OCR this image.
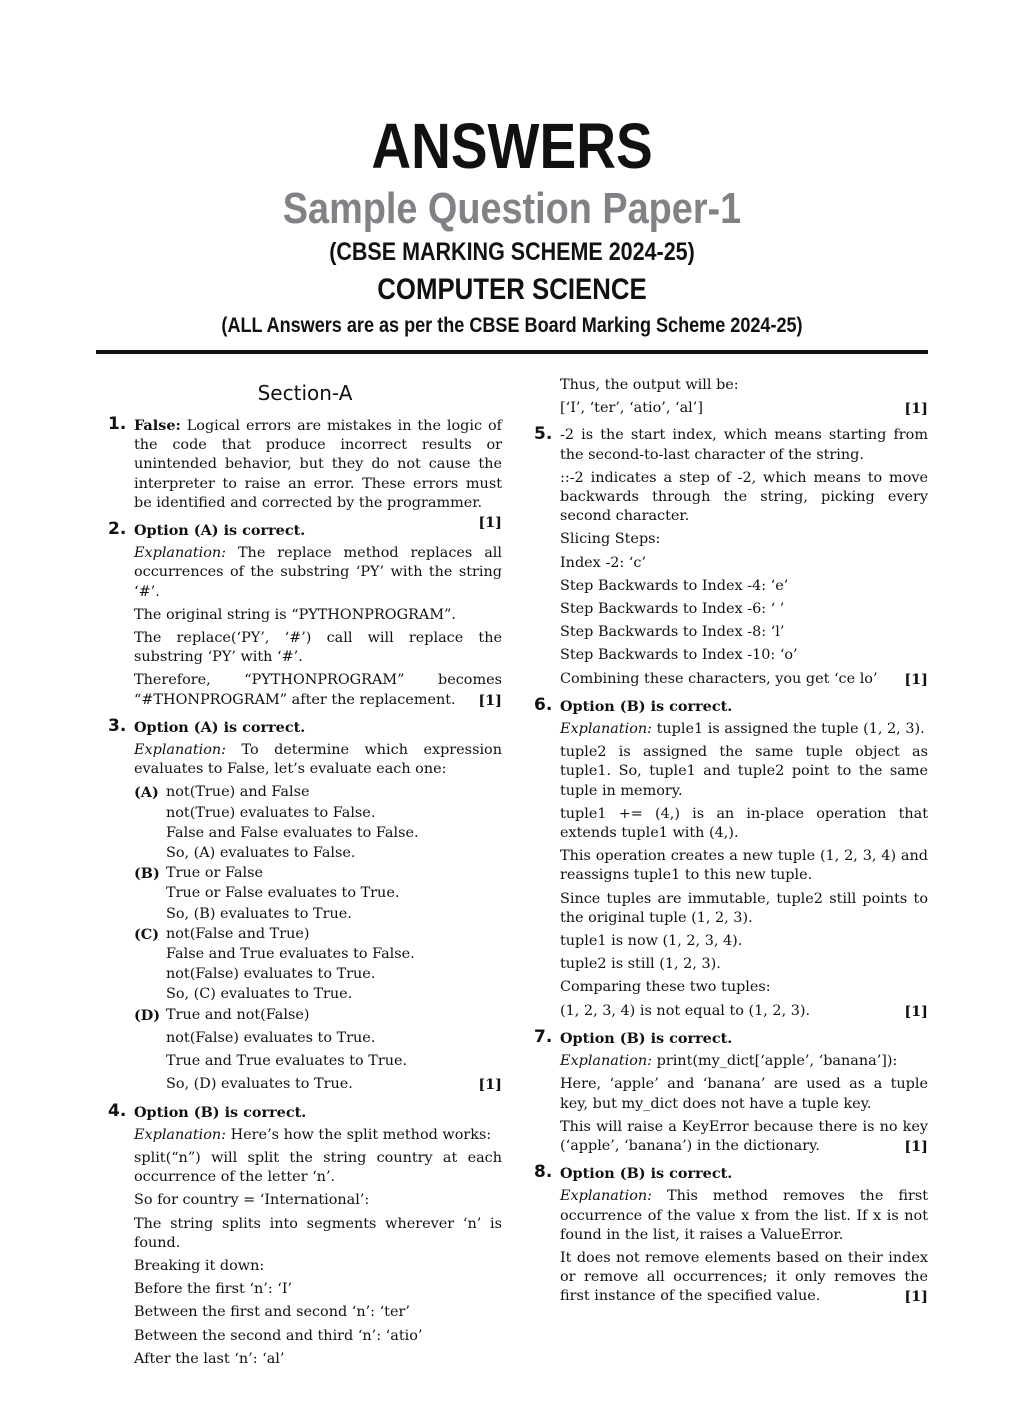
ANSWERS
Sample Question Paper-1
(CBSE MARKING SCHEME 2024-25)
COMPUTER SCIENCE
(ALL Answers are as per the CBSE Board Marking Scheme 2024-25)
Section-A
1. False: Logical errors are mistakes in the logic of the code that produce incorrect results or unintended behavior, but they do not cause the interpreter to raise an error. These errors must be identified and corrected by the programmer.
[1]

2. Option (A) is correct.

Explanation: The replace method replaces all occurrences of the substring ‘PY’ with the string ‘#’.

The original string is “PYTHONPROGRAM”.

The replace(‘PY’, ‘#’) call will replace the substring ‘PY’ with ‘#’.

Therefore, “PYTHONPROGRAM” becomes “#THONPROGRAM” after the replacement. [1]

3. Option (A) is correct.

Explanation: To determine which expression evaluates to False, let’s evaluate each one:

(A) not(True) and False

not(True) evaluates to False.

False and False evaluates to False.

So, (A) evaluates to False.

(B) True or False

True or False evaluates to True.

So, (B) evaluates to True.

(C) not(False and True)

False and True evaluates to False.

not(False) evaluates to True.

So, (C) evaluates to True.

(D) True and not(False)

not(False) evaluates to True.

True and True evaluates to True.

So, (D) evaluates to True.	[1]

4. Option (B) is correct.

Explanation: Here’s how the split method works:

split(“n”) will split the string country at each occurrence of the letter ‘n’.

So for country = ‘International’:

The string splits into segments wherever ‘n’ is found.

Breaking it down:

Before the first ‘n’: ‘I’

Between the first and second ‘n’: ‘ter’

Between the second and third ‘n’: ‘atio’

After the last ‘n’: ‘al’

Thus, the output will be:

[‘I’, ‘ter’, ‘atio’, ‘al’]	[1]

5. -2 is the start index, which means starting from the second-to-last character of the string.

::-2 indicates a step of -2, which means to move backwards through the string, picking every second character.

Slicing Steps:

Index -2: ‘c’

Step Backwards to Index -4: ‘e’

Step Backwards to Index -6: ‘ ’

Step Backwards to Index -8: ‘l’

Step Backwards to Index -10: ‘o’

Combining these characters, you get ‘ce lo’ [1]

6. Option (B) is correct.

Explanation: tuple1 is assigned the tuple (1, 2, 3).

tuple2 is assigned the same tuple object as tuple1. So, tuple1 and tuple2 point to the same tuple in memory.

tuple1 += (4,) is an in-place operation that extends tuple1 with (4,).

This operation creates a new tuple (1, 2, 3, 4) and reassigns tuple1 to this new tuple.

Since tuples are immutable, tuple2 still points to the original tuple (1, 2, 3).

tuple1 is now (1, 2, 3, 4).

tuple2 is still (1, 2, 3).

Comparing these two tuples:

(1, 2, 3, 4) is not equal to (1, 2, 3).	[1]

7. Option (B) is correct.

Explanation: print(my_dict[‘apple’, ‘banana’]):

Here, ‘apple’ and ‘banana’ are used as a tuple key, but my_dict does not have a tuple key.

This will raise a KeyError because there is no key (‘apple’, ‘banana’) in the dictionary.	[1]

8. Option (B) is correct.

Explanation: This method removes the first occurrence of the value x from the list. If x is not found in the list, it raises a ValueError.

It does not remove elements based on their index or remove all occurrences; it only removes the first instance of the specified value.	[1]
